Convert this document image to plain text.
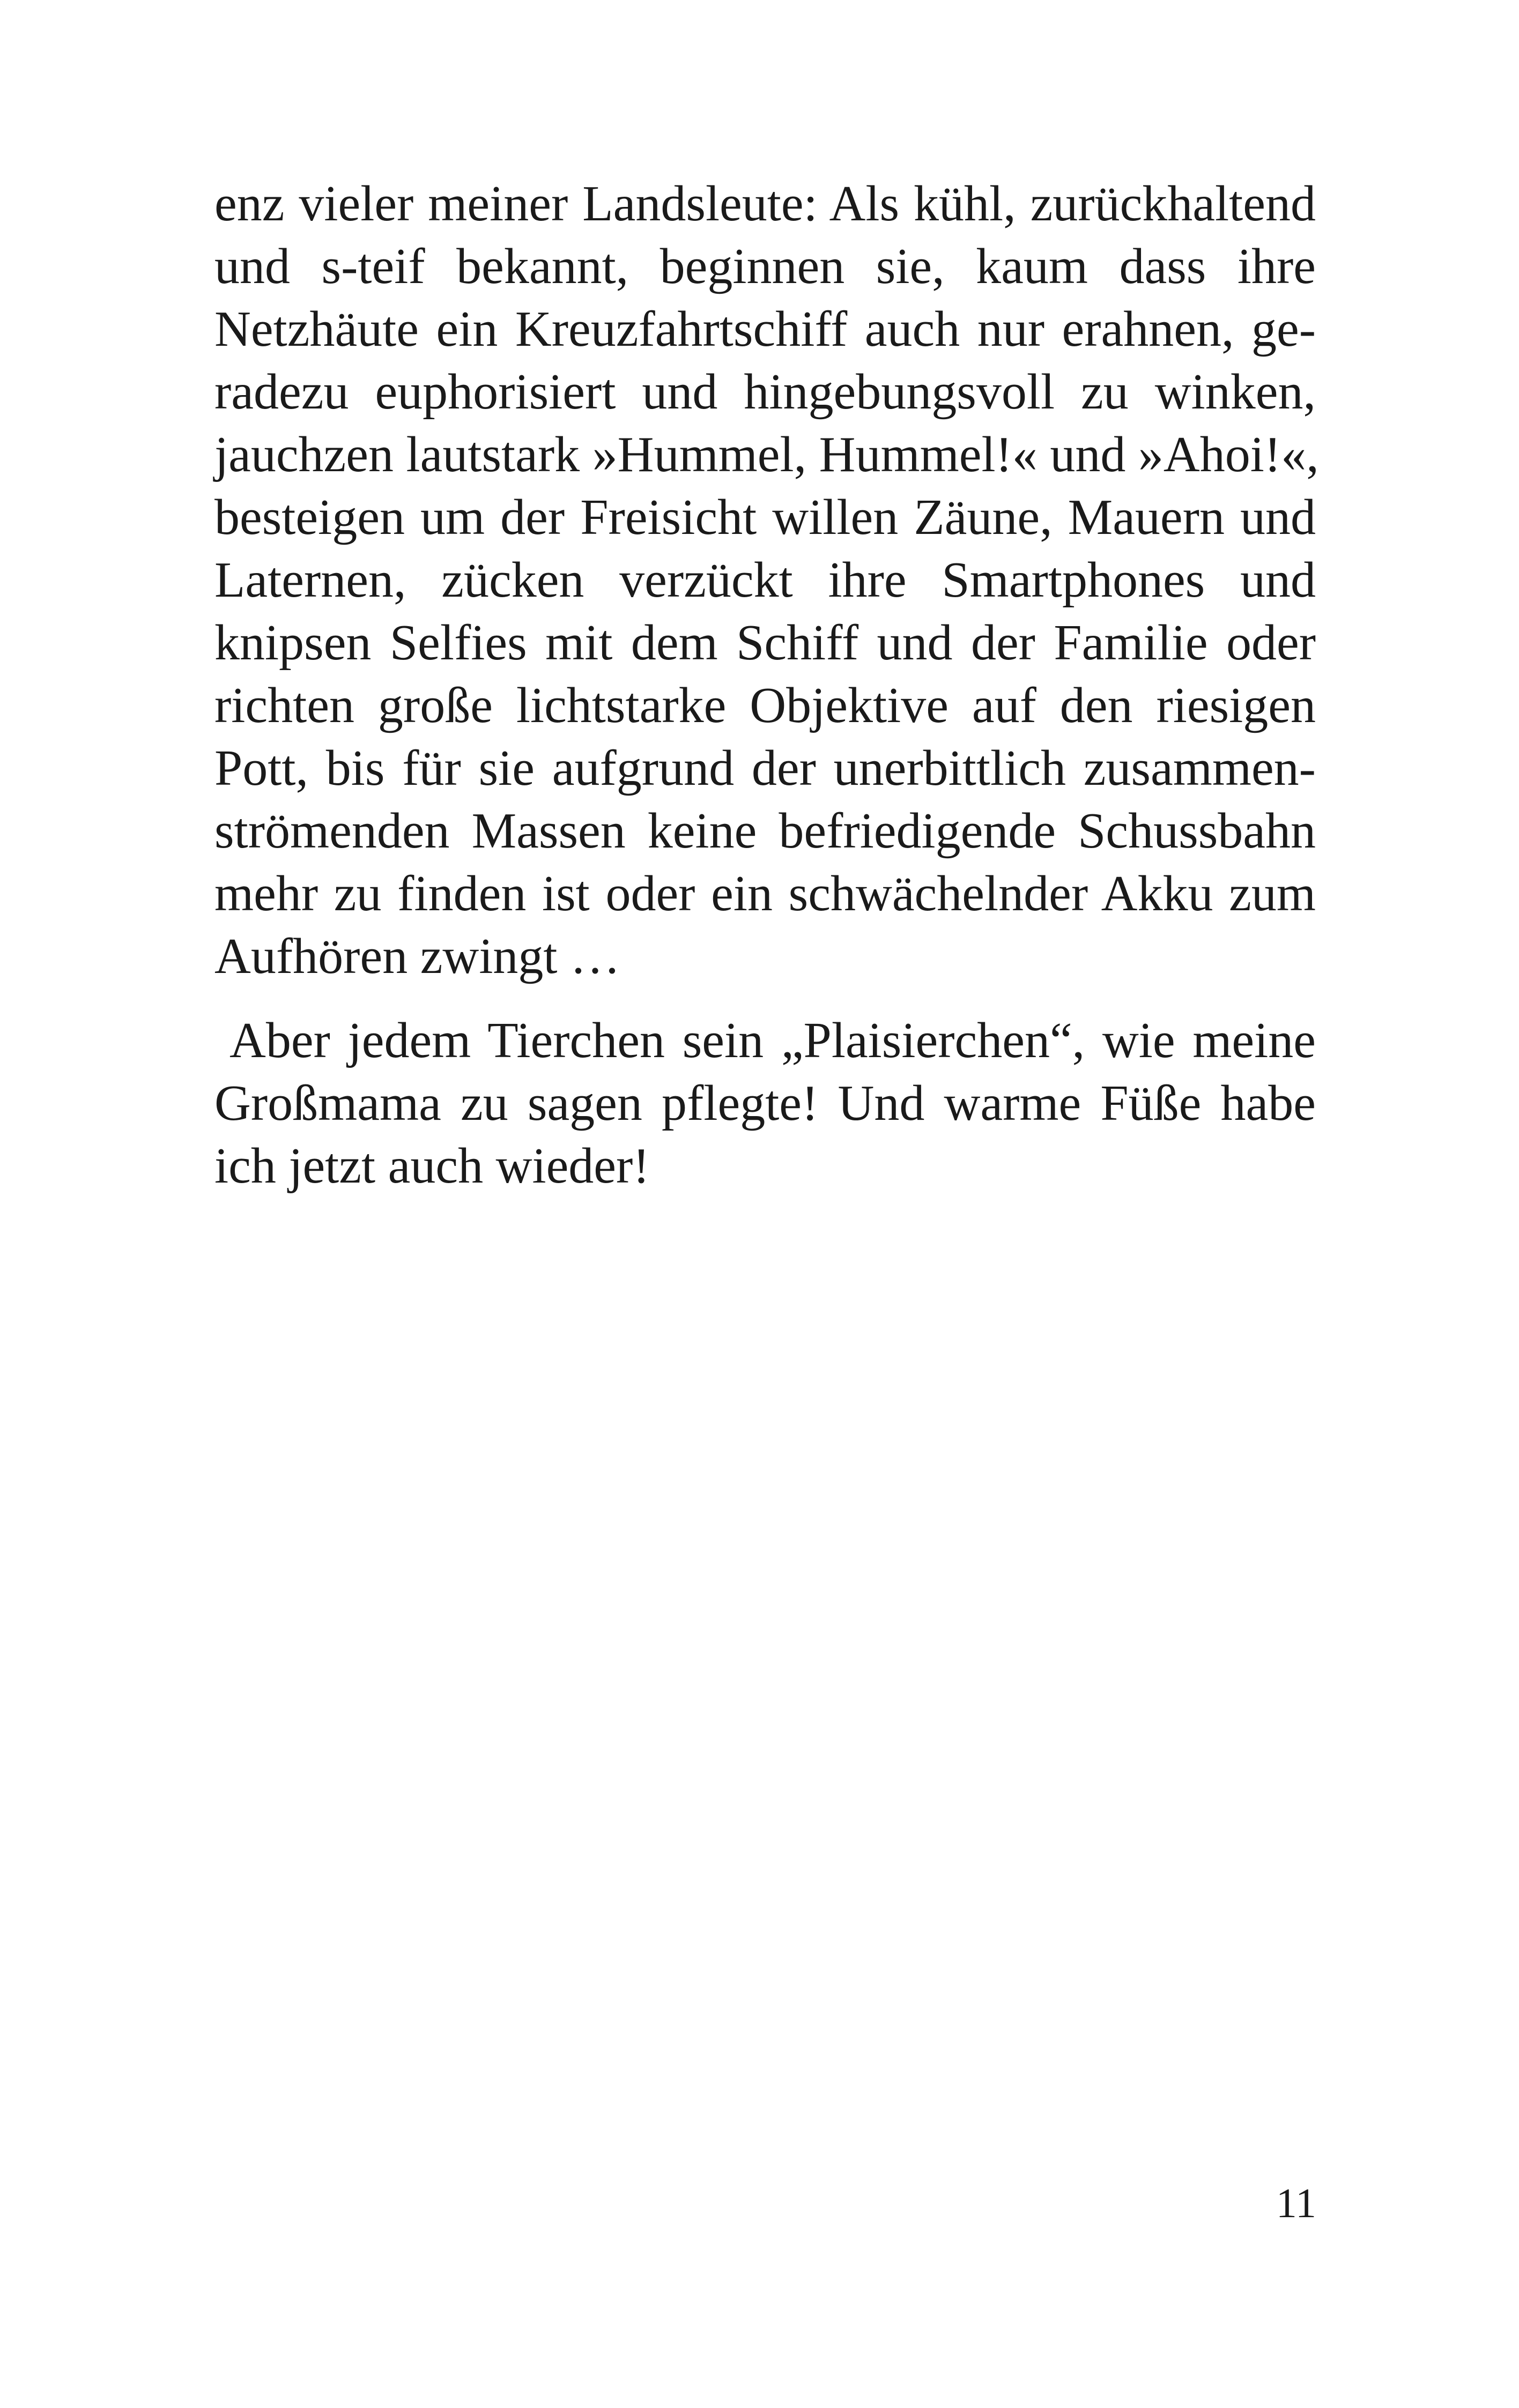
enz vieler meiner Landsleute: Als kühl, zurückhaltend
und s-teif bekannt, beginnen sie, kaum dass ihre
Netzhäute ein Kreuzfahrtschiff auch nur erahnen, ge-
radezu euphorisiert und hingebungsvoll zu winken,
jauchzen lautstark »Hummel, Hummel!« und »Ahoi!«,
besteigen um der Freisicht willen Zäune, Mauern und
Laternen, zücken verzückt ihre Smartphones und
knipsen Selfies mit dem Schiff und der Familie oder
richten große lichtstarke Objektive auf den riesigen
Pott, bis für sie aufgrund der unerbittlich zusammen-
strömenden Massen keine befriedigende Schussbahn
mehr zu finden ist oder ein schwächelnder Akku zum
Aufhören zwingt …
Aber jedem Tierchen sein „Plaisierchen“, wie meine
Großmama zu sagen pflegte! Und warme Füße habe
ich jetzt auch wieder!
11
